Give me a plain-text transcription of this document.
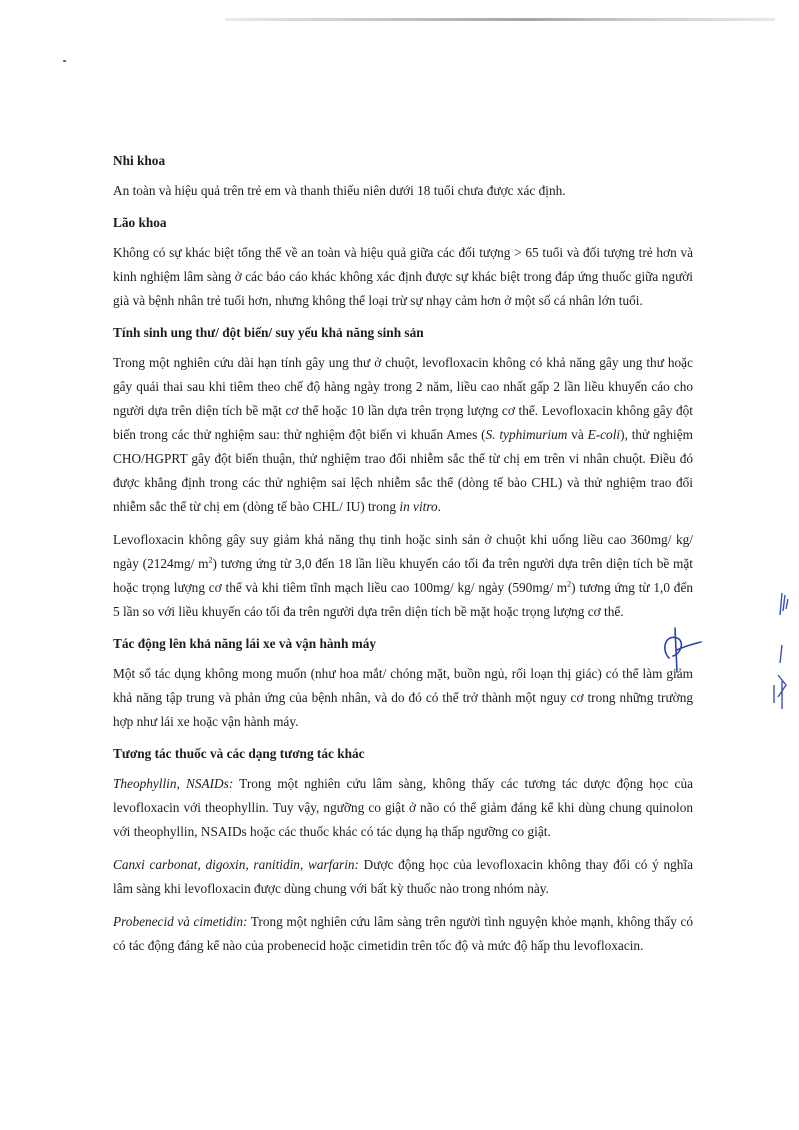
Nhi khoa

An toàn và hiệu quả trên trẻ em và thanh thiếu niên dưới 18 tuổi chưa được xác định.

Lão khoa

Không có sự khác biệt tổng thể về an toàn và hiệu quả giữa các đối tượng > 65 tuổi và đối tượng trẻ hơn và kinh nghiệm lâm sàng ở các báo cáo khác không xác định được sự khác biệt trong đáp ứng thuốc giữa người già và bệnh nhân trẻ tuổi hơn, nhưng không thể loại trừ sự nhạy cảm hơn ở một số cá nhân lớn tuổi.

Tính sinh ung thư/ đột biến/ suy yếu khả năng sinh sản

Trong một nghiên cứu dài hạn tính gây ung thư ở chuột, levofloxacin không có khả năng gây ung thư hoặc gây quái thai sau khi tiêm theo chế độ hàng ngày trong 2 năm, liều cao nhất gấp 2 lần liều khuyến cáo cho người dựa trên diện tích bề mặt cơ thể hoặc 10 lần dựa trên trọng lượng cơ thể. Levofloxacin không gây đột biến trong các thử nghiệm sau: thử nghiệm đột biến vi khuẩn Ames (S. typhimurium và E-coli), thử nghiệm CHO/HGPRT gây đột biến thuận, thử nghiệm trao đổi nhiễm sắc thể từ chị em trên vi nhân chuột. Điều đó được khẳng định trong các thử nghiệm sai lệch nhiễm sắc thể (dòng tế bào CHL) và thử nghiệm trao đổi nhiễm sắc thể từ chị em (dòng tế bào CHL/ IU) trong in vitro.

Levofloxacin không gây suy giảm khả năng thụ tinh hoặc sinh sản ở chuột khi uống liều cao 360mg/ kg/ ngày (2124mg/ $m^2$) tương ứng từ 3,0 đến 18 lần liều khuyến cáo tối đa trên người dựa trên diện tích bề mặt hoặc trọng lượng cơ thể và khi tiêm tĩnh mạch liều cao 100mg/ kg/ ngày (590mg/ $m^2$) tương ứng từ 1,0 đến 5 lần so với liều khuyến cáo tối đa trên người dựa trên diện tích bề mặt hoặc trọng lượng cơ thể.

Tác động lên khả năng lái xe và vận hành máy

Một số tác dụng không mong muốn (như hoa mắt/ chóng mặt, buồn ngủ, rối loạn thị giác) có thể làm giảm khả năng tập trung và phản ứng của bệnh nhân, và do đó có thể trở thành một nguy cơ trong những trường hợp như lái xe hoặc vận hành máy.

Tương tác thuốc và các dạng tương tác khác

Theophyllin, NSAIDs: Trong một nghiên cứu lâm sàng, không thấy các tương tác dược động học của levofloxacin với theophyllin. Tuy vậy, ngưỡng co giật ở não có thể giảm đáng kể khi dùng chung quinolon với theophyllin, NSAIDs hoặc các thuốc khác có tác dụng hạ thấp ngưỡng co giật.

Canxi carbonat, digoxin, ranitidin, warfarin: Dược động học của levofloxacin không thay đổi có ý nghĩa lâm sàng khi levofloxacin được dùng chung với bất kỳ thuốc nào trong nhóm này.

Probenecid và cimetidin: Trong một nghiên cứu lâm sàng trên người tình nguyện khỏe mạnh, không thấy có có tác động đáng kể nào của probenecid hoặc cimetidin trên tốc độ và mức độ hấp thu levofloxacin.
